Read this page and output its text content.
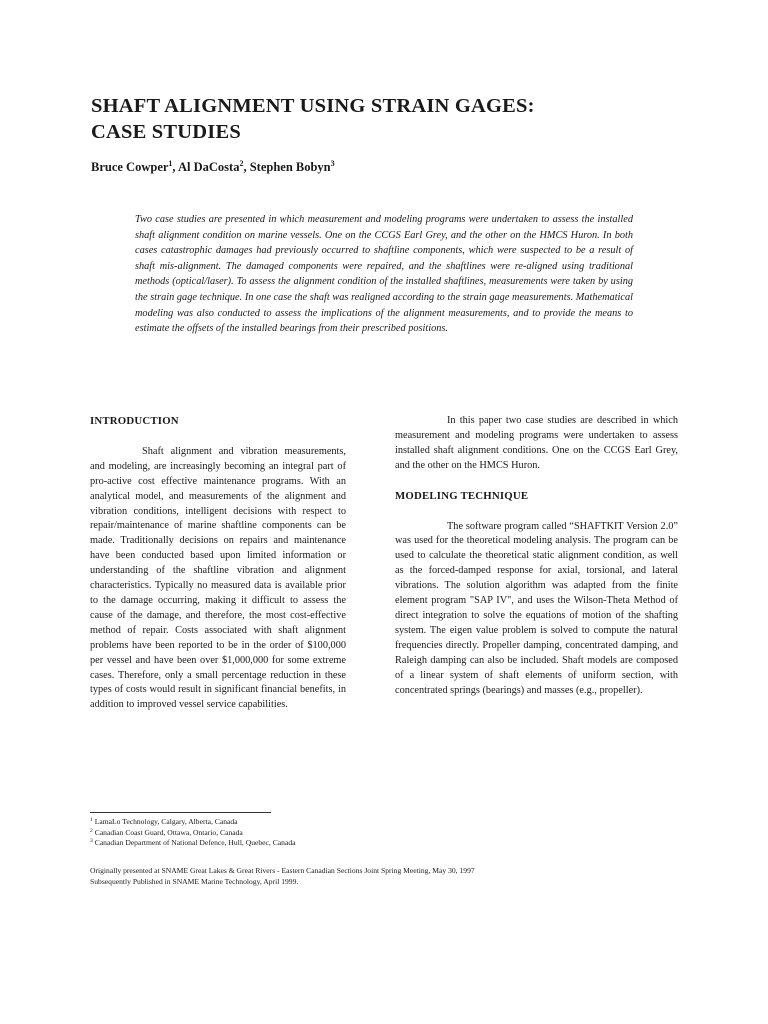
SHAFT ALIGNMENT USING STRAIN GAGES:
CASE STUDIES
Bruce Cowper$^1$, Al DaCosta$^2$, Stephen Bobyn$^3$
Two case studies are presented in which measurement and modeling programs were undertaken to assess the installed shaft alignment condition on marine vessels. One on the CCGS Earl Grey, and the other on the HMCS Huron. In both cases catastrophic damages had previously occurred to shaftline components, which were suspected to be a result of shaft mis-alignment. The damaged components were repaired, and the shaftlines were re-aligned using traditional methods (optical/laser). To assess the alignment condition of the installed shaftlines, measurements were taken by using the strain gage technique. In one case the shaft was realigned according to the strain gage measurements. Mathematical modeling was also conducted to assess the implications of the alignment measurements, and to provide the means to estimate the offsets of the installed bearings from their prescribed positions.
INTRODUCTION

Shaft alignment and vibration measurements, and modeling, are increasingly becoming an integral part of pro-active cost effective maintenance programs. With an analytical model, and measurements of the alignment and vibration conditions, intelligent decisions with respect to repair/maintenance of marine shaftline components can be made. Traditionally decisions on repairs and maintenance have been conducted based upon limited information or understanding of the shaftline vibration and alignment characteristics. Typically no measured data is available prior to the damage occurring, making it difficult to assess the cause of the damage, and therefore, the most cost-effective method of repair. Costs associated with shaft alignment problems have been reported to be in the order of $100,000 per vessel and have been over $1,000,000 for some extreme cases. Therefore, only a small percentage reduction in these types of costs would result in significant financial benefits, in addition to improved vessel service capabilities.

In this paper two case studies are described in which measurement and modeling programs were undertaken to assess installed shaft alignment conditions. One on the CCGS Earl Grey, and the other on the HMCS Huron.

MODELING TECHNIQUE

The software program called “SHAFTKIT Version 2.0” was used for the theoretical modeling analysis. The program can be used to calculate the theoretical static alignment condition, as well as the forced-damped response for axial, torsional, and lateral vibrations. The solution algorithm was adapted from the finite element program "SAP IV", and uses the Wilson-Theta Method of direct integration to solve the equations of motion of the shafting system. The eigen value problem is solved to compute the natural frequencies directly. Propeller damping, concentrated damping, and Raleigh damping can also be included. Shaft models are composed of a linear system of shaft elements of uniform section, with concentrated springs (bearings) and masses (e.g., propeller).

$^1$ LamaLo Technology, Calgary, Alberta, Canada
$^2$ Canadian Coast Guard, Ottawa, Ontario, Canada
$^3$ Canadian Department of National Defence, Hull, Quebec, Canada
Originally presented at SNAME Great Lakes & Great Rivers - Eastern Canadian Sections Joint Spring Meeting, May 30, 1997
Subsequently Published in SNAME Marine Technology, April 1999.
